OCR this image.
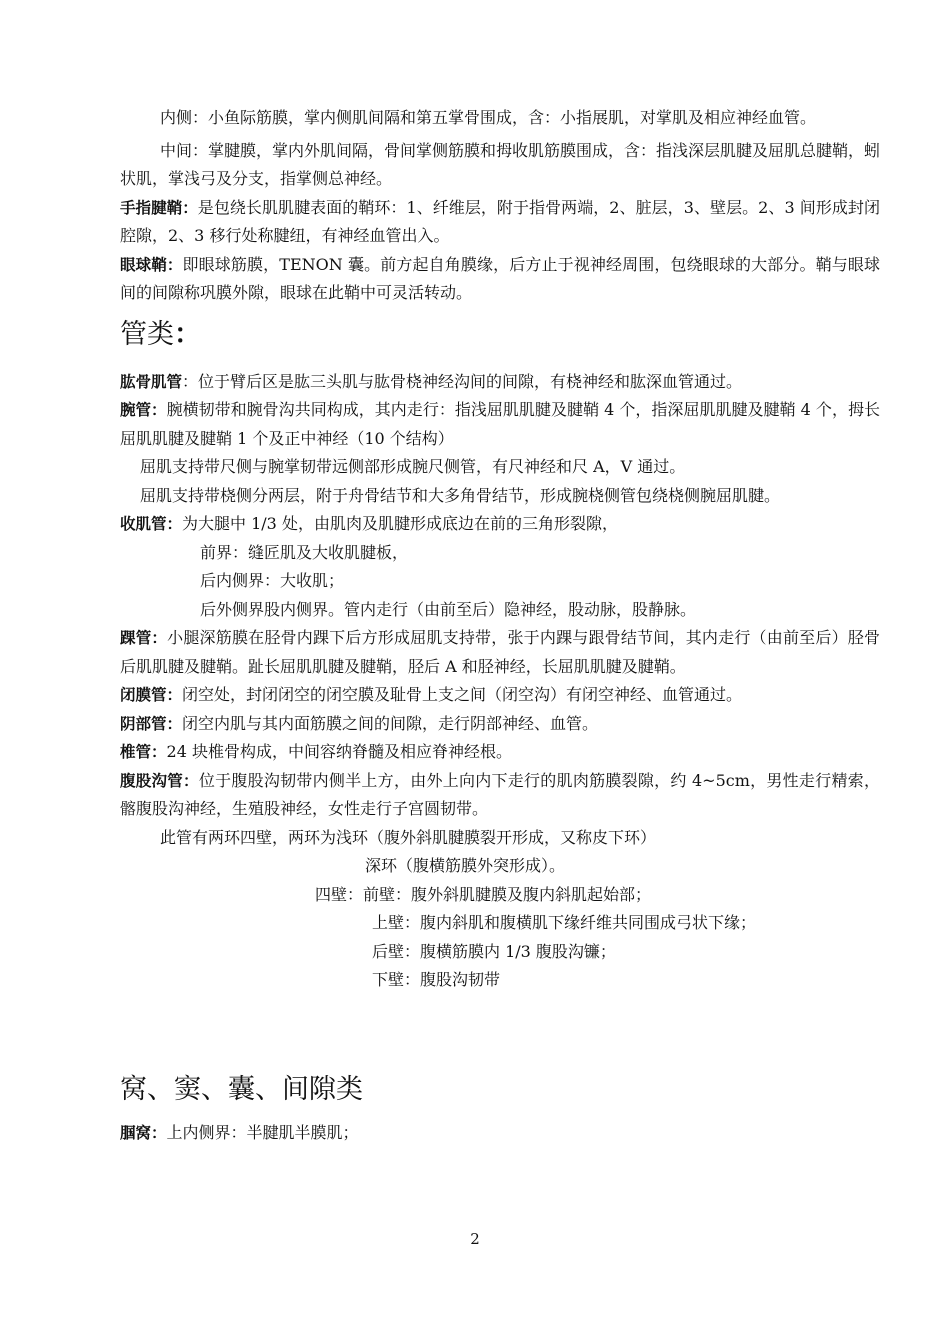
内侧：小鱼际筋膜，掌内侧肌间隔和第五掌骨围成，含：小指展肌，对掌肌及相应神经血管。

中间：掌腱膜，掌内外肌间隔，骨间掌侧筋膜和拇收肌筋膜围成，含：指浅深层肌腱及屈肌总腱鞘，蚓状肌，掌浅弓及分支，指掌侧总神经。

手指腱鞘：是包绕长肌肌腱表面的鞘环：1、纤维层，附于指骨两端，2、脏层，3、壁层。2、3 间形成封闭腔隙，2、3 移行处称腱纽，有神经血管出入。

眼球鞘：即眼球筋膜，TENON 囊。前方起自角膜缘，后方止于视神经周围，包绕眼球的大部分。鞘与眼球间的间隙称巩膜外隙，眼球在此鞘中可灵活转动。

管类：

肱骨肌管：位于臂后区是肱三头肌与肱骨桡神经沟间的间隙，有桡神经和肱深血管通过。

腕管：腕横韧带和腕骨沟共同构成，其内走行：指浅屈肌肌腱及腱鞘 4 个，指深屈肌肌腱及腱鞘 4 个，拇长屈肌肌腱及腱鞘 1 个及正中神经（10 个结构）

屈肌支持带尺侧与腕掌韧带远侧部形成腕尺侧管，有尺神经和尺 A，V 通过。

屈肌支持带桡侧分两层，附于舟骨结节和大多角骨结节，形成腕桡侧管包绕桡侧腕屈肌腱。

收肌管：为大腿中 1/3 处，由肌肉及肌腱形成底边在前的三角形裂隙，

前界：缝匠肌及大收肌腱板，

后内侧界：大收肌；

后外侧界股内侧界。管内走行（由前至后）隐神经，股动脉，股静脉。

踝管：小腿深筋膜在胫骨内踝下后方形成屈肌支持带，张于内踝与跟骨结节间，其内走行（由前至后）胫骨后肌肌腱及腱鞘。趾长屈肌肌腱及腱鞘，胫后 A 和胫神经，长屈肌肌腱及腱鞘。

闭膜管：闭空处，封闭闭空的闭空膜及耻骨上支之间（闭空沟）有闭空神经、血管通过。

阴部管：闭空内肌与其内面筋膜之间的间隙，走行阴部神经、血管。

椎管：24 块椎骨构成，中间容纳脊髓及相应脊神经根。

腹股沟管：位于腹股沟韧带内侧半上方，由外上向内下走行的肌肉筋膜裂隙，约 4~5cm，男性走行精索，髂腹股沟神经，生殖股神经，女性走行子宫圆韧带。

此管有两环四壁，两环为浅环（腹外斜肌腱膜裂开形成，又称皮下环）

深环（腹横筋膜外突形成）。

四壁：前壁：腹外斜肌腱膜及腹内斜肌起始部；

上壁：腹内斜肌和腹横肌下缘纤维共同围成弓状下缘；

后壁：腹横筋膜内 1/3 腹股沟镰；

下壁：腹股沟韧带

窝、窦、囊、间隙类

腘窝：上内侧界：半腱肌半膜肌；

2
